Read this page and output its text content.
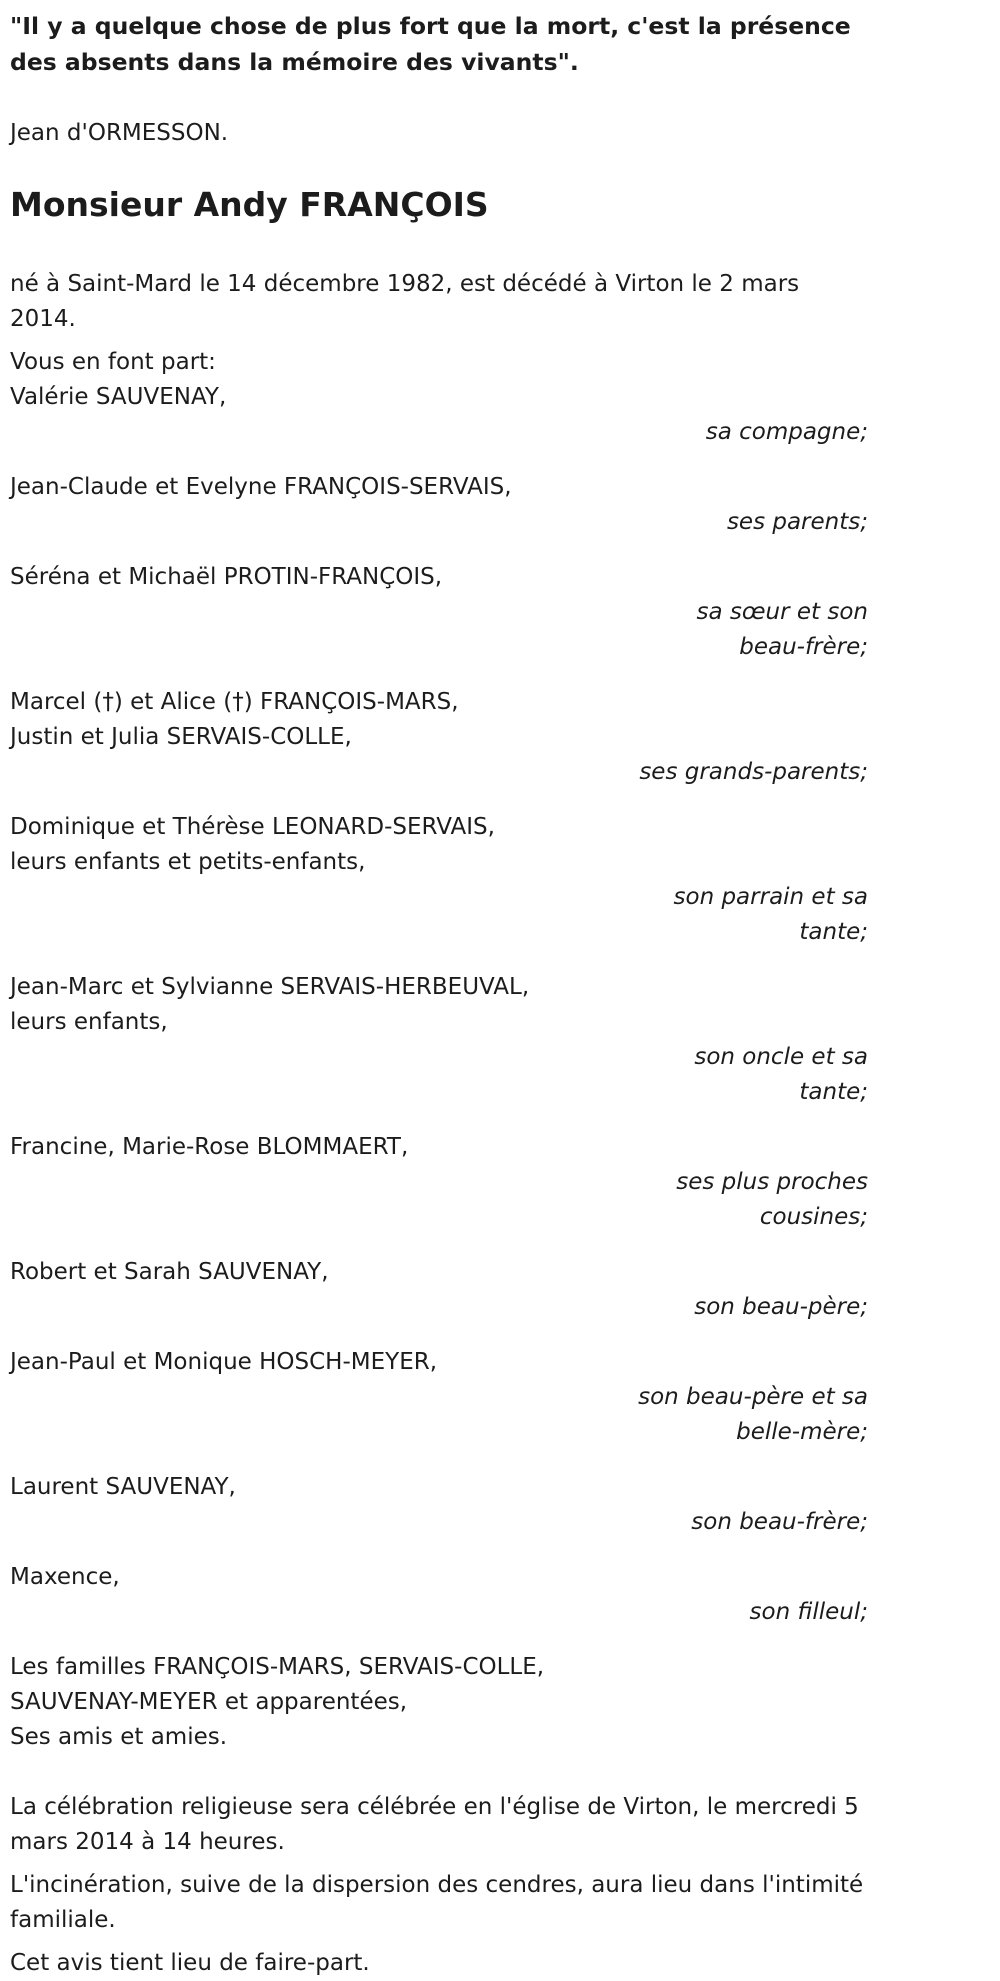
"Il y a quelque chose de plus fort que la mort, c'est la présence des absents dans la mémoire des vivants".

Jean d'ORMESSON.

Monsieur Andy FRANÇOIS

né à Saint-Mard le 14 décembre 1982, est décédé à Virton le 2 mars 2014.

Vous en font part:

Valérie SAUVENAY,
sa compagne;
Jean-Claude et Evelyne FRANÇOIS-SERVAIS,
ses parents;
Séréna et Michaël PROTIN-FRANÇOIS,
sa sœur et son beau-frère;
Marcel (†) et Alice (†) FRANÇOIS-MARS,
Justin et Julia SERVAIS-COLLE,
ses grands-parents;
Dominique et Thérèse LEONARD-SERVAIS,
leurs enfants et petits-enfants,
son parrain et sa tante;
Jean-Marc et Sylvianne SERVAIS-HERBEUVAL,
leurs enfants,
son oncle et sa tante;
Francine, Marie-Rose BLOMMAERT,
ses plus proches cousines;
Robert et Sarah SAUVENAY,
son beau-père;
Jean-Paul et Monique HOSCH-MEYER,
son beau-père et sa belle-mère;
Laurent SAUVENAY,
son beau-frère;
Maxence,
son filleul;
Les familles FRANÇOIS-MARS, SERVAIS-COLLE,
SAUVENAY-MEYER et apparentées,
Ses amis et amies.

La célébration religieuse sera célébrée en l'église de Virton, le mercredi 5 mars 2014 à 14 heures.

L'incinération, suive de la dispersion des cendres, aura lieu dans l'intimité familiale.

Cet avis tient lieu de faire-part.
